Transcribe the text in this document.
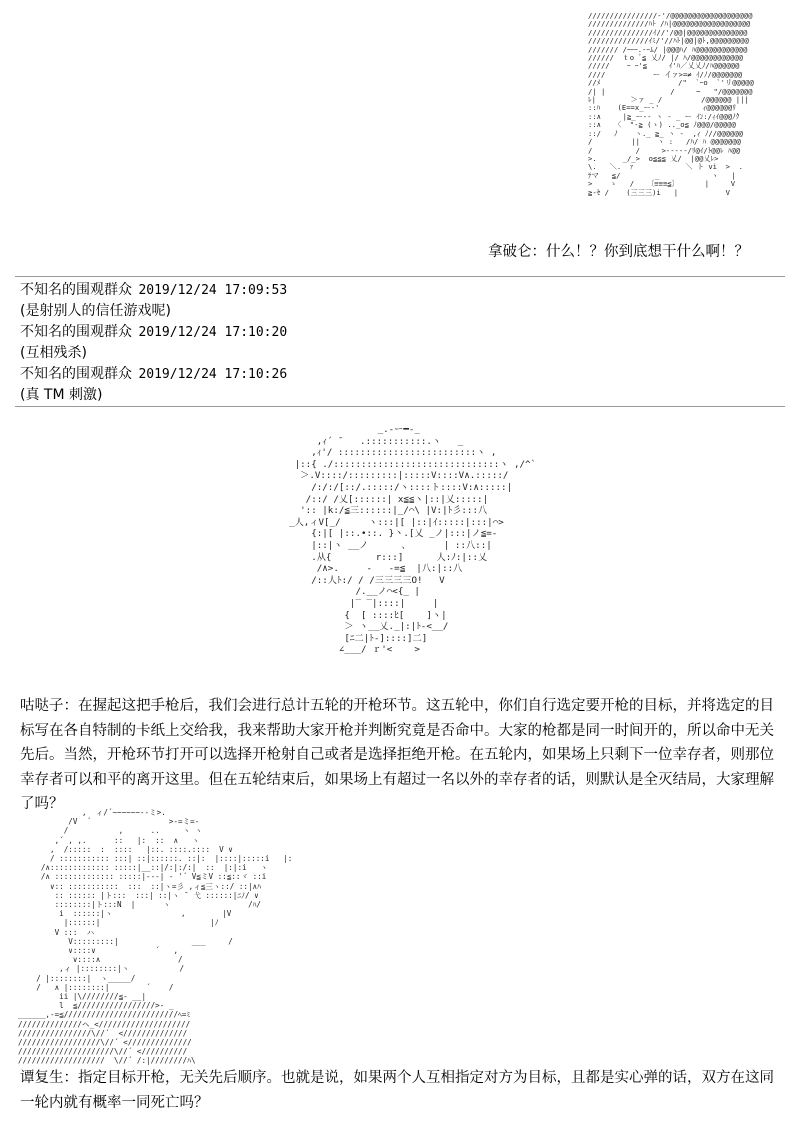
////////////////-'/@@@@@@@@@@@@@@@@@@@
//////////////ﾊﾄ /ﾊ|@@@@@@@@@@@@@@@@@@
///////////////ｲ//'/@@|@@@@@@@@@@@@@@
//////////////ｲﾐ/'//ﾊﾄ|@@|@ﾄ,@@@@@@@@@
/////// /ｰｰｰ.-ｰﾑ/ |@@@ﾊ/ ﾊ@@@@@@@@@@@@
//////  ｔo ﾟ≦ 乂ﾉ/ |/ ﾊ/@@@@@@@@@@@@
/////    ｰ ｰ'≦     ｲ'ﾊ／乂乂ﾉ/ﾊ@@@@@@
////           ー イァ>=≠ ｲ/ﾉ/@@@@@@@
//ﾒ                  /"  `ｰo  `'リ@@@@@
/| |               /     ~   "/@@@@@@@
ﾚ|        ＞ァ _ /         /@@@@@@ |||
::ﾊ    (E==x_ー-'          ｨ@@@@@@ﾘ
::∧     |≧_ー-- ヽ - _ ー ｲﾝ:/ｨｲ@@@ﾉｸ
::∧   〈  "-≧ (ゝ) .._o≦ ﾉ@@@/@@@@@
::/   ﾉ    ヽ._ ≧_ ヽ -  ,ｨ ﾉ//@@@@@@
/         ||    ヽ :   /ﾊ/ ﾊ @@@@@@@
/          /     >-----/ﾘ@ｲ/ﾄ@@ﾚ ﾊ@@
>.      _/_>  o≦≦≦ 乂/  |@@乂ﾚ>
\.   ＼.  ｧ            ＼ ト vi  >  .
ﾃマ   ≦/        _            ヽ   |
>    ゝ   /   〔≡≡≡≦〕      |     V
≧-ｾ /    (三三三)i   |           V
拿破仑：什么！？你到底想干什么啊！？
不知名的围观群众 2019/12/24 17:09:53
(是射别人的信任游戏呢)
不知名的围观群众 2019/12/24 17:10:20
(互相残杀)
不知名的围观群众 2019/12/24 17:10:26
(真 TM 刺激)
_.-ー━-_
,ｨ´ ̄    .:::::::::::.ヽ   _
,ｨ'/ :::::::::::::::::::::::::ヽ ,
|::{ ./::::::::::::::::::::::::::::::ヽ ,/^`
＞.V::::/:::::::::|:::::V::::V∧.:::::/
/:/:/[::/.:::::/ヽ::::ト::::V:∧:::::|
/::/ /乂[::::::| x≦≦ヽ|::|乂:::::|
':: |k:/≦三::::::|_/⌒\ |V:|ﾄ彡:::八
_人,ィV[_/     ヽ:::|[ |::|ｲ:::::|:::|⌒>
{:|[ |::.•::. }丶.[乂 _ノ|:::|ノ≦=-
|::|ヽ __ノ      、      | ::八::|
.从{        r:::]      人:ﾉ:|::乂
/∧>.     ‐   -=≦  |八:|::八
/::人ﾄ:/ / /三三三三O!   V
/.__ノ⌒<{_ |
|‾ ‾|::::|     |
{  [ ::::ﾋ[    ]ヽ|
＞ ヽ__乂._|:|ﾄ-<__/
[ﾆ二|ﾄ-]::::]二]
∠___/ ｒ'<    >
咕哒子：在握起这把手枪后，我们会进行总计五轮的开枪环节。这五轮中，你们自行选定要开枪的目标，并将选定的目标写在各自特制的卡纸上交给我，我来帮助大家开枪并判断究竟是否命中。大家的枪都是同一时间开的，所以命中无关先后。当然，开枪环节打开可以选择开枪射自己或者是选择拒绝开枪。在五轮内，如果场上只剩下一位幸存者，则那位幸存者可以和平的离开这里。但在五轮结束后，如果场上有超过一名以外的幸存者的话，则默认是全灭结局，大家理解了吗？
,  ィ/´~~~~~~‐-ミ>.
/V  ´                 >-=ミ=-
/           ,      ..     ヽ ヽ
,´ , ,.      ::   |:  ::  ∧   ヽ
,  /:::::  :  ::::   |::. ::::.::::  V ∨
/ ::::::::::: :::| ::|::::::. ::|:  |::::|:::::i   |:
/∧::::::::::::: :::::|__::|/:|:/:|  ::  |:|:i   ヽ
/∧ ::::::::::::: :::::|‐‐‐| ‐ '´ V≦ミV ::≦::ヾ ::i
∨:: :::::::::::  :::  ::|ヽ=彡 ,ィ≦三ヽ::/ ::|∧ﾊ
:: :::::: |ト:::  :::| ::|ヽ ̄  弋 ::::::|ﾆﾉ/ ∨
::::::::|ト:::N  |      ヽ                 /ﾊ/
i  ::::::|ヽ               ,        |V
|::::::|                        |ﾉ
V :::  ハ
V:::::::::|                ___     /
∨::::∨             ´   ,
∨::::∧                 /
,ィ |::::::::|ヽ           /
/ |::::::::|  ヽ_____/
/   ∧ |::::::::|        ´    /
ii |\////////≦- __|
l  ≦/////////////////>- _
______,-=≦/////////////////////////ﾍ=ﾐ
//////////////ヘ_<////////////////////
////////////////\//´  <//////////////
//////////////////\//´ <//////////////
/////////////////////\//´ <//////////
///////////////////  \//´ /:|////////ﾊ\
谭复生：指定目标开枪，无关先后顺序。也就是说，如果两个人互相指定对方为目标，且都是实心弹的话，双方在这同一轮内就有概率一同死亡吗？
